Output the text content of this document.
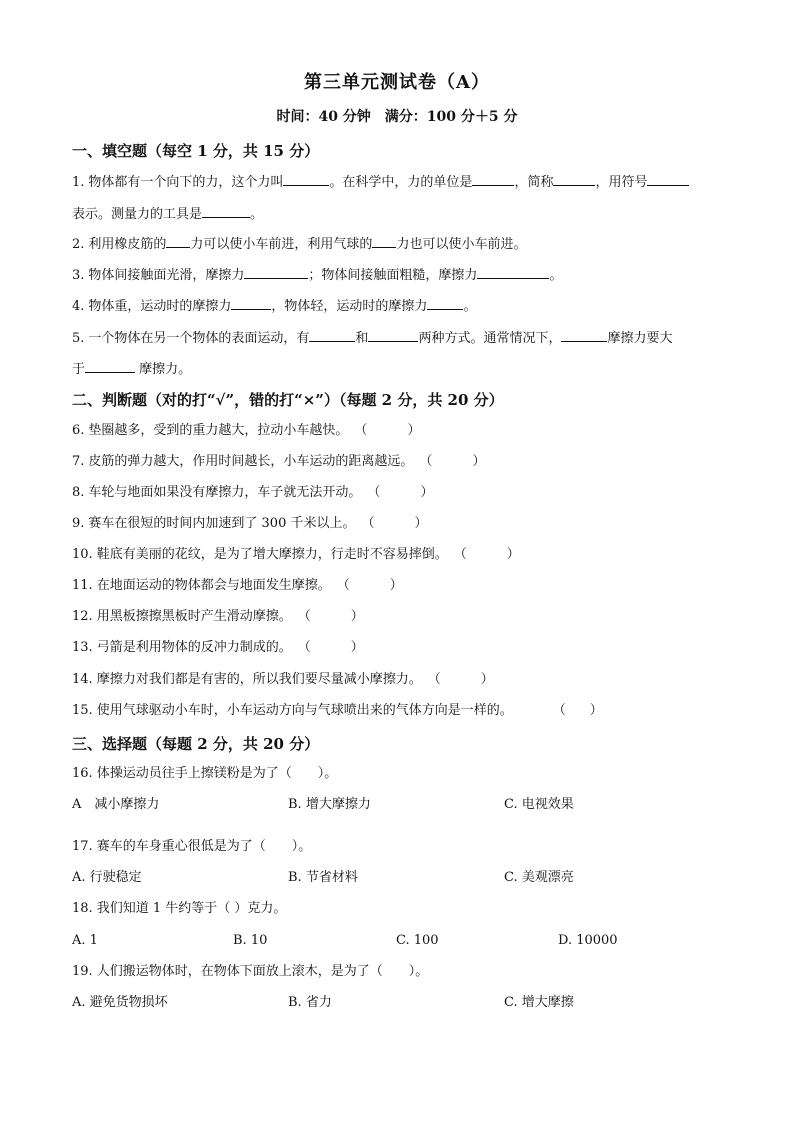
第三单元测试卷（A）
时间：40 分钟　满分：100 分＋5 分
一、填空题（每空 1 分，共 15 分）
1. 物体都有一个向下的力，这个力叫	。在科学中，力的单位是	，简称	，用符号
表示。测量力的工具是	。
2. 利用橡皮筋的 力可以使小车前进，利用气球的 力也可以使小车前进。
3. 物体间接触面光滑，摩擦力	；物体间接触面粗糙，摩擦力	。
4. 物体重，运动时的摩擦力	，物体轻，运动时的摩擦力	。
5. 一个物体在另一个物体的表面运动，有	和	两种方式。通常情况下，	摩擦力要大
于	摩擦力。
二、判断题（对的打“√”，错的打“×”）（每题 2 分，共 20 分）
6. 垫圈越多，受到的重力越大，拉动小车越快。 （	）
7. 皮筋的弹力越大，作用时间越长，小车运动的距离越远。 （	）
8. 车轮与地面如果没有摩擦力，车子就无法开动。 （	）
9. 赛车在很短的时间内加速到了 300 千米以上。 （	）
10. 鞋底有美丽的花纹，是为了增大摩擦力，行走时不容易摔倒。 （	）
11. 在地面运动的物体都会与地面发生摩擦。 （	）
12. 用黑板擦擦黑板时产生滑动摩擦。 （	）
13. 弓箭是利用物体的反冲力制成的。 （	）
14. 摩擦力对我们都是有害的，所以我们要尽量减小摩擦力。 （	）
15. 使用气球驱动小车时，小车运动方向与气球喷出来的气体方向是一样的。	（ ）
三、选择题（每题 2 分，共 20 分）
16. 体操运动员往手上擦镁粉是为了（　　）。
A　减小摩擦力	B. 增大摩擦力	C. 电视效果
17. 赛车的车身重心很低是为了（　　）。
A. 行驶稳定	B. 节省材料	C. 美观漂亮
18. 我们知道 1 牛约等于（ ）克力。
A. 1	B. 10	C. 100	D. 10000
19. 人们搬运物体时，在物体下面放上滚木，是为了（　　）。
A. 避免货物损坏	B. 省力	C. 增大摩擦
